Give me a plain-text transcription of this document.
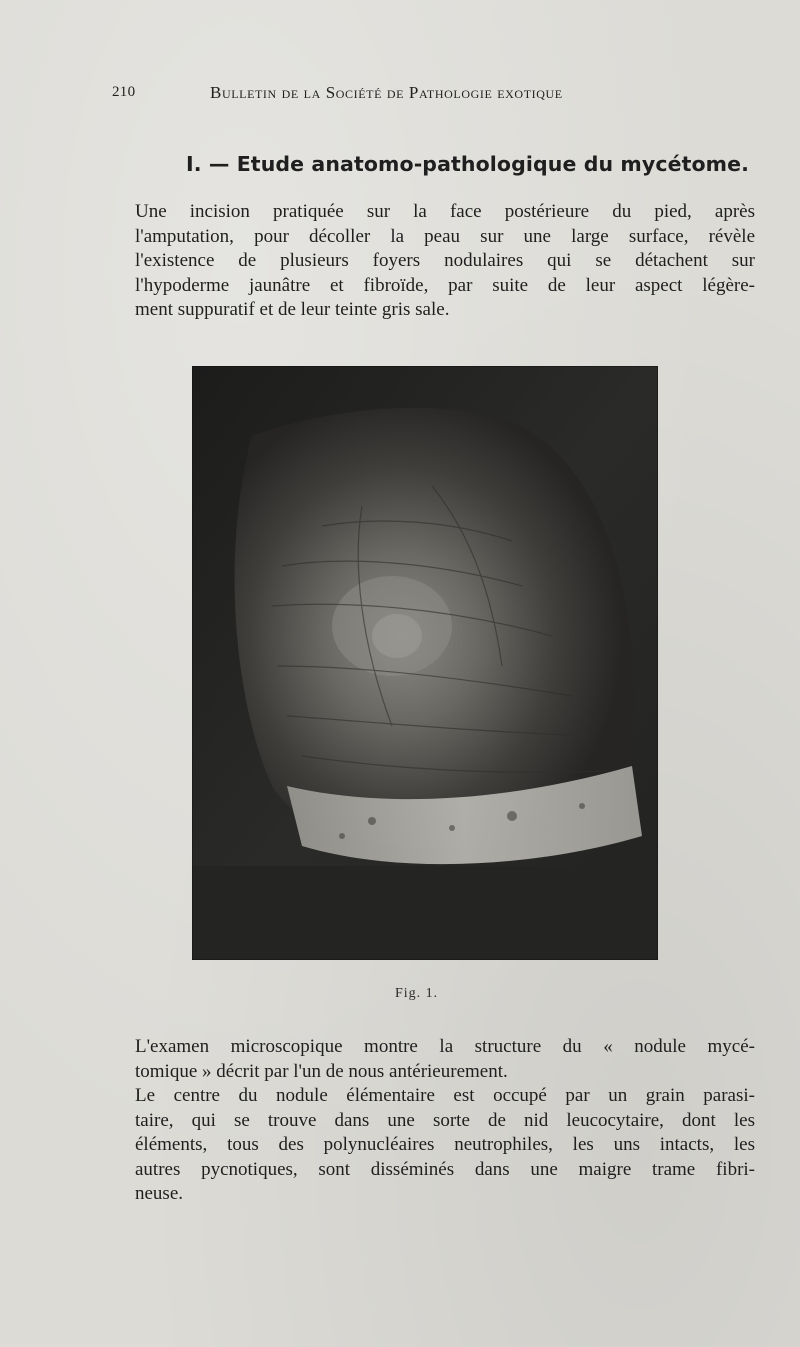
210	Bulletin de la Société de Pathologie exotique
I. — Etude anatomo-pathologique du mycétome.

Une incision pratiquée sur la face postérieure du pied, après
l'amputation, pour décoller la peau sur une large surface, révèle
l'existence de plusieurs foyers nodulaires qui se détachent sur
l'hypoderme jaunâtre et fibroïde, par suite de leur aspect légère-
ment suppuratif et de leur teinte gris sale.

Fig. 1.

L'examen microscopique montre la structure du « nodule mycé-
tomique » décrit par l'un de nous antérieurement.

Le centre du nodule élémentaire est occupé par un grain parasi-
taire, qui se trouve dans une sorte de nid leucocytaire, dont les
éléments, tous des polynucléaires neutrophiles, les uns intacts, les
autres pycnotiques, sont disséminés dans une maigre trame fibri-
neuse.
